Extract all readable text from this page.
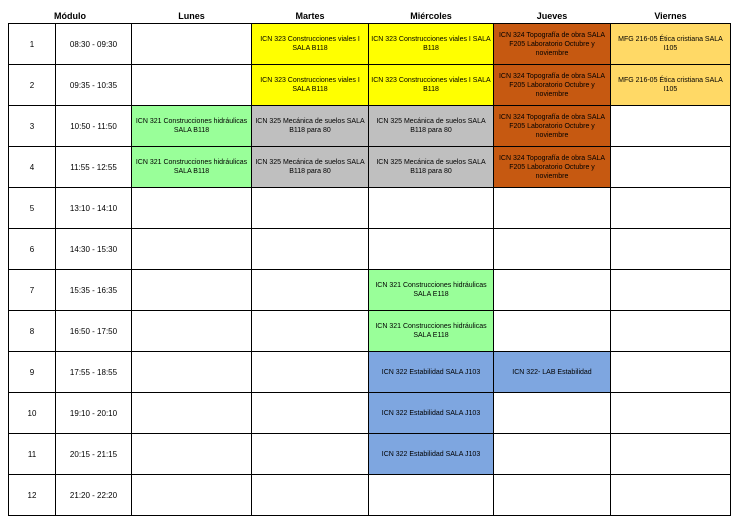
Módulo		Lunes	Martes	Miércoles	Jueves	Viernes
1	08:30 - 09:30		ICN 323 Construcciones viales I SALA B118	ICN 323 Construcciones viales I SALA B118	ICN 324 Topografía de obra SALA F205 Laboratorio Octubre y noviembre	MFG 216-05 Ética cristiana SALA I105
2	09:35 - 10:35		ICN 323 Construcciones viales I SALA B118	ICN 323 Construcciones viales I SALA B118	ICN 324 Topografía de obra SALA F205 Laboratorio Octubre y noviembre	MFG 216-05 Ética cristiana SALA I105
3	10:50 - 11:50	ICN 321 Construcciones hidráulicas SALA B118	ICN 325 Mecánica de suelos SALA B118 para 80	ICN 325 Mecánica de suelos SALA B118 para 80	ICN 324 Topografía de obra SALA F205 Laboratorio Octubre y noviembre	
4	11:55 - 12:55	ICN 321 Construcciones hidráulicas SALA B118	ICN 325 Mecánica de suelos SALA B118 para 80	ICN 325 Mecánica de suelos SALA B118 para 80	ICN 324 Topografía de obra SALA F205 Laboratorio Octubre y noviembre	
5	13:10 - 14:10					
6	14:30 - 15:30					
7	15:35 - 16:35			ICN 321 Construcciones hidráulicas SALA E118		
8	16:50 - 17:50			ICN 321 Construcciones hidráulicas SALA E118		
9	17:55 - 18:55			ICN 322 Estabilidad SALA J103	ICN 322- LAB Estabilidad	
10	19:10 - 20:10			ICN 322 Estabilidad SALA J103		
11	20:15 - 21:15			ICN 322 Estabilidad SALA J103		
12	21:20 - 22:20					
